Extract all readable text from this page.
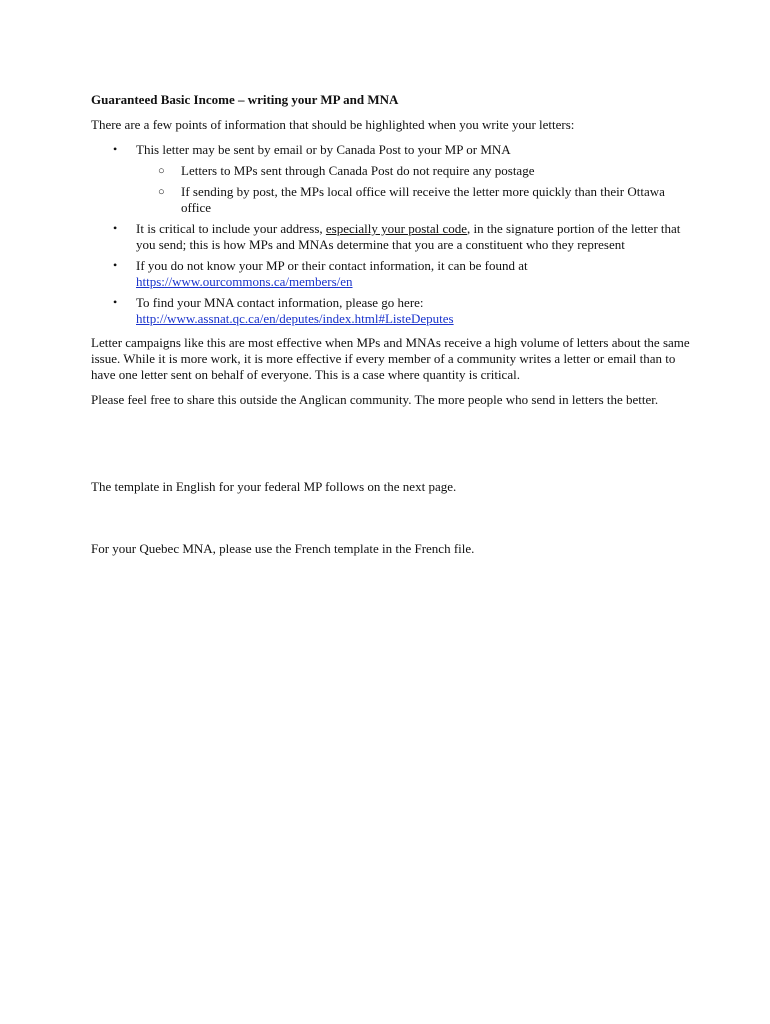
Guaranteed Basic Income – writing your MP and MNA

There are a few points of information that should be highlighted when you write your letters:

• This letter may be sent by email or by Canada Post to your MP or MNA
○ Letters to MPs sent through Canada Post do not require any postage
○ If sending by post, the MPs local office will receive the letter more quickly than their Ottawa office
• It is critical to include your address, especially your postal code, in the signature portion of the letter that you send; this is how MPs and MNAs determine that you are a constituent who they represent
• If you do not know your MP or their contact information, it can be found at https://www.ourcommons.ca/members/en
• To find your MNA contact information, please go here: http://www.assnat.qc.ca/en/deputes/index.html#ListeDeputes

Letter campaigns like this are most effective when MPs and MNAs receive a high volume of letters about the same issue. While it is more work, it is more effective if every member of a community writes a letter or email than to have one letter sent on behalf of everyone. This is a case where quantity is critical.

Please feel free to share this outside the Anglican community. The more people who send in letters the better.

The template in English for your federal MP follows on the next page.

For your Quebec MNA, please use the French template in the French file.
